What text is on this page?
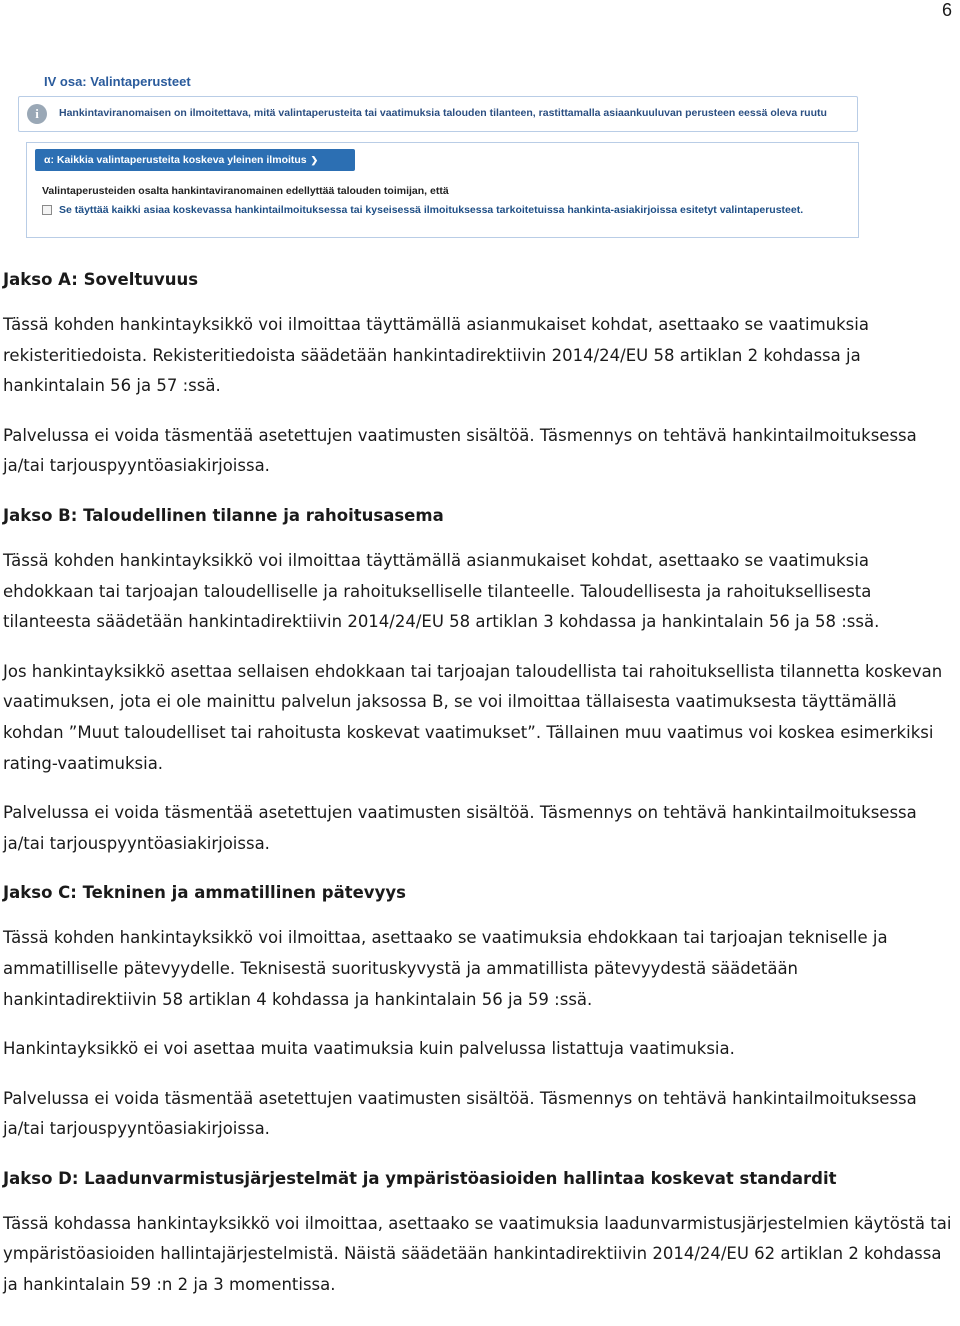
6
IV osa: Valintaperusteet
i	Hankintaviranomaisen on ilmoitettava, mitä valintaperusteita tai vaatimuksia talouden tilanteen, rastittamalla asiaankuuluvan perusteen eessä oleva ruutu
α: Kaikkia valintaperusteita koskeva yleinen ilmoitus ❯
Valintaperusteiden osalta hankintaviranomainen edellyttää talouden toimijan, että
Se täyttää kaikki asiaa koskevassa hankintailmoituksessa tai kyseisessä ilmoituksessa tarkoitetuissa hankinta-asiakirjoissa esitetyt valintaperusteet.
Jakso A: Soveltuvuus

Tässä kohden hankintayksikkö voi ilmoittaa täyttämällä asianmukaiset kohdat, asettaako se vaatimuksia rekisteritiedoista. Rekisteritiedoista säädetään hankintadirektiivin 2014/24/EU 58 artiklan 2 kohdassa ja hankintalain 56 ja 57 :ssä.

Palvelussa ei voida täsmentää asetettujen vaatimusten sisältöä. Täsmennys on tehtävä hankintailmoituksessa ja/tai tarjouspyyntöasiakirjoissa.

Jakso B: Taloudellinen tilanne ja rahoitusasema

Tässä kohden hankintayksikkö voi ilmoittaa täyttämällä asianmukaiset kohdat, asettaako se vaatimuksia ehdokkaan tai tarjoajan taloudelliselle ja rahoitukselliselle tilanteelle. Taloudellisesta ja rahoituksellisesta tilanteesta säädetään hankintadirektiivin 2014/24/EU 58 artiklan 3 kohdassa ja hankintalain 56 ja 58 :ssä.

Jos hankintayksikkö asettaa sellaisen ehdokkaan tai tarjoajan taloudellista tai rahoituksellista tilannetta koskevan vaatimuksen, jota ei ole mainittu palvelun jaksossa B, se voi ilmoittaa tällaisesta vaatimuksesta täyttämällä kohdan ”Muut taloudelliset tai rahoitusta koskevat vaatimukset”. Tällainen muu vaatimus voi koskea esimerkiksi rating-vaatimuksia.

Palvelussa ei voida täsmentää asetettujen vaatimusten sisältöä. Täsmennys on tehtävä hankintailmoituksessa ja/tai tarjouspyyntöasiakirjoissa.

Jakso C: Tekninen ja ammatillinen pätevyys

Tässä kohden hankintayksikkö voi ilmoittaa, asettaako se vaatimuksia ehdokkaan tai tarjoajan tekniselle ja ammatilliselle pätevyydelle. Teknisestä suorituskyvystä ja ammatillista pätevyydestä säädetään hankintadirektiivin 58 artiklan 4 kohdassa ja hankintalain 56 ja 59 :ssä.

Hankintayksikkö ei voi asettaa muita vaatimuksia kuin palvelussa listattuja vaatimuksia.

Palvelussa ei voida täsmentää asetettujen vaatimusten sisältöä. Täsmennys on tehtävä hankintailmoituksessa ja/tai tarjouspyyntöasiakirjoissa.

Jakso D: Laadunvarmistusjärjestelmät ja ympäristöasioiden hallintaa koskevat standardit

Tässä kohdassa hankintayksikkö voi ilmoittaa, asettaako se vaatimuksia laadunvarmistusjärjestelmien käytöstä tai ympäristöasioiden hallintajärjestelmistä. Näistä säädetään hankintadirektiivin 2014/24/EU 62 artiklan 2 kohdassa ja hankintalain 59 :n 2 ja 3 momentissa.
